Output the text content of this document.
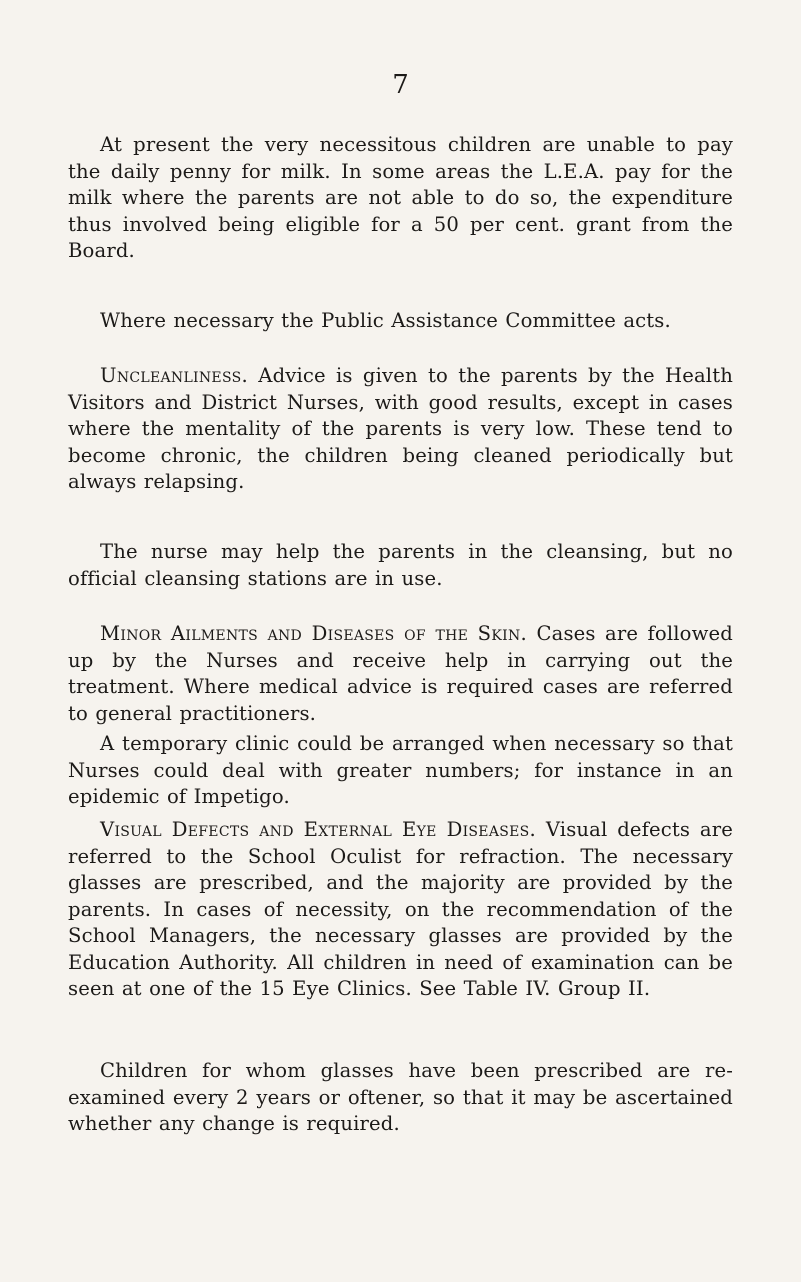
7

At present the very necessitous children are unable to pay the daily penny for milk. In some areas the L.E.A. pay for the milk where the parents are not able to do so, the expenditure thus involved being eligible for a 50 per cent. grant from the Board.

Where necessary the Public Assistance Committee acts.

Uncleanliness. Advice is given to the parents by the Health Visitors and District Nurses, with good results, except in cases where the mentality of the parents is very low. These tend to become chronic, the children being cleaned periodically but always relapsing.

The nurse may help the parents in the cleansing, but no official cleansing stations are in use.

Minor Ailments and Diseases of the Skin. Cases are followed up by the Nurses and receive help in carrying out the treatment. Where medical advice is required cases are referred to general practitioners.

A temporary clinic could be arranged when necessary so that Nurses could deal with greater numbers; for instance in an epidemic of Impetigo.

Visual Defects and External Eye Diseases. Visual defects are referred to the School Oculist for refraction. The necessary glasses are prescribed, and the majority are provided by the parents. In cases of necessity, on the recommendation of the School Managers, the necessary glasses are provided by the Education Authority. All children in need of examination can be seen at one of the 15 Eye Clinics. See Table IV. Group II.

Children for whom glasses have been prescribed are re-examined every 2 years or oftener, so that it may be ascertained whether any change is required.
